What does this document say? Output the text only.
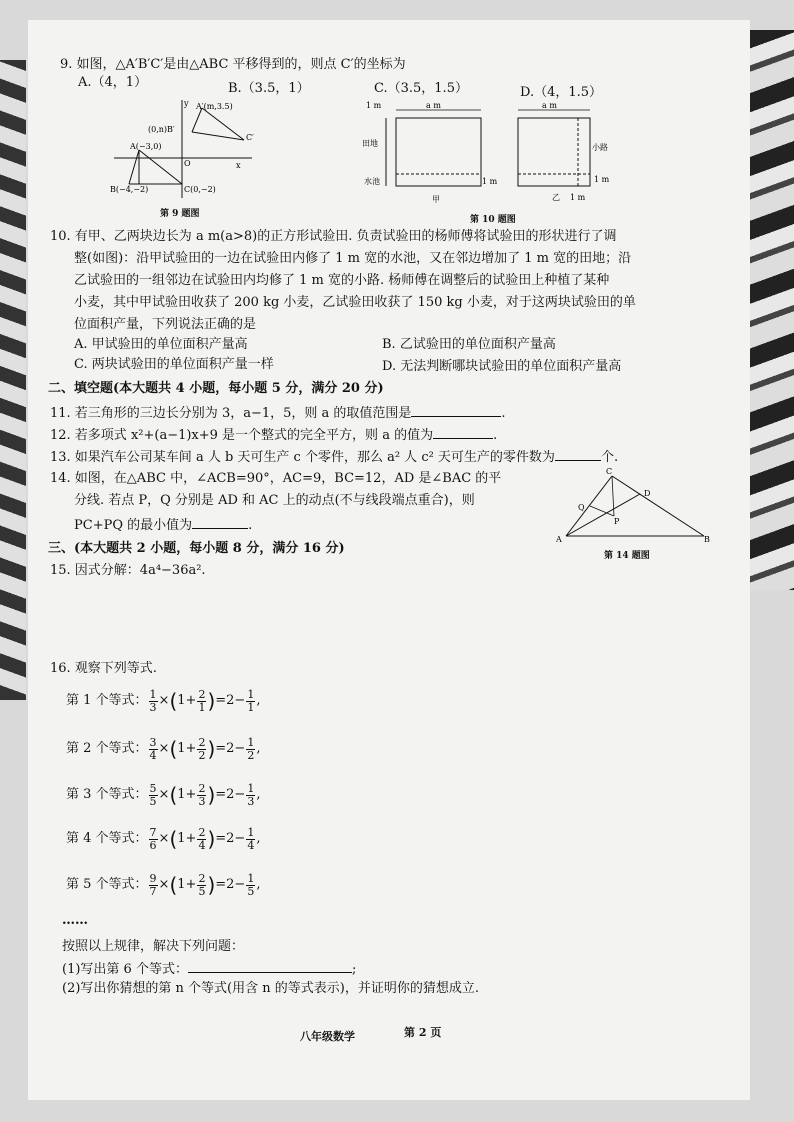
9. 如图，△A′B′C′是由△ABC 平移得到的，则点 C′的坐标为
A.（4，1）	B.（3.5，1）	C.（3.5，1.5）	D.（4，1.5）
y A′(m,3.5)
(0,n)B′
C′
A(−3,0)
O	x
B(−4,−2)	C(0,−2)
第 9 题图
a m
1 m
田地
水池	1 m
甲
a m
小路
1 m
1 m
乙
第 10 题图
10. 有甲、乙两块边长为 a m(a>8)的正方形试验田. 负责试验田的杨师傅将试验田的形状进行了调
整(如图)：沿甲试验田的一边在试验田内修了 1 m 宽的水池，又在邻边增加了 1 m 宽的田地；沿
乙试验田的一组邻边在试验田内均修了 1 m 宽的小路. 杨师傅在调整后的试验田上种植了某种
小麦，其中甲试验田收获了 200 kg 小麦，乙试验田收获了 150 kg 小麦，对于这两块试验田的单
位面积产量，下列说法正确的是
A. 甲试验田的单位面积产量高	B. 乙试验田的单位面积产量高
C. 两块试验田的单位面积产量一样	D. 无法判断哪块试验田的单位面积产量高
二、填空题(本大题共 4 小题，每小题 5 分，满分 20 分)
11. 若三角形的三边长分别为 3，a−1，5，则 a 的取值范围是	.
12. 若多项式 x²+(a−1)x+9 是一个整式的完全平方，则 a 的值为	.
13. 如果汽车公司某车间 a 人 b 天可生产 c 个零件，那么 a² 人 c² 天可生产的零件数为	个.
14. 如图，在△ABC 中，∠ACB=90°，AC=9，BC=12，AD 是∠BAC 的平
分线. 若点 P，Q 分别是 AD 和 AC 上的动点(不与线段端点重合)，则
PC+PQ 的最小值为	.
C
D
Q
P
A	B
第 14 题图
三、(本大题共 2 小题，每小题 8 分，满分 16 分)
15. 因式分解：4a⁴−36a².
16. 观察下列等式.
第 1 个等式： $\frac{1}{3}$ × ( $1+ \frac{2}{1}$ ) $=2- \frac{1}{1}$ ,
第 2 个等式： $\frac{3}{4}$ × ( $1+ \frac{2}{2}$ ) $=2- \frac{1}{2}$ ,
第 3 个等式： $\frac{5}{5}$ × ( $1+ \frac{2}{3}$ ) $=2- \frac{1}{3}$ ,
第 4 个等式： $\frac{7}{6}$ × ( $1+ \frac{2}{4}$ ) $=2- \frac{1}{4}$ ,
第 5 个等式： $\frac{9}{7}$ × ( $1+ \frac{2}{5}$ ) $=2- \frac{1}{5}$ ,
……
按照以上规律，解决下列问题：
(1)写出第 6 个等式：	;
(2)写出你猜想的第 n 个等式(用含 n 的等式表示)，并证明你的猜想成立.
八年级数学	第 2 页
